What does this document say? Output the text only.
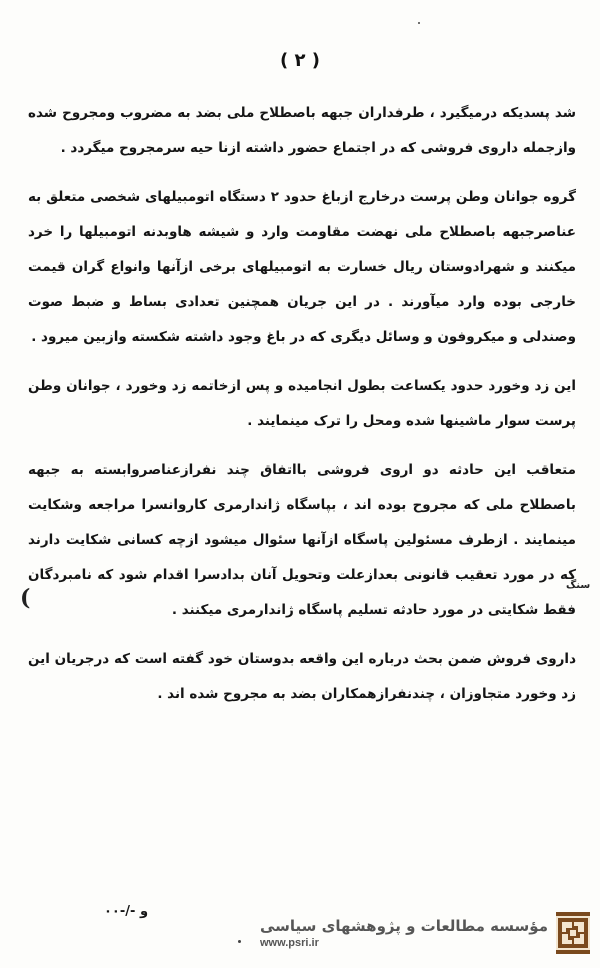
( ۲ )

شد پسدیکه درمیگیرد ، طرفداران جبهه باصطلاح ملی بضد به مضروب ومجروح شده وازجمله داروی فروشی که در اجتماع حضور داشته ازنا حیه سرمجروح میگردد .

گروه جوانان وطن پرست درخارج ازباغ حدود ۲ دستگاه اتومبیلهای شخصی متعلق به عناصرجبهه باصطلاح ملی نهضت مقاومت وارد و شیشه هاوبدنه اتومبیلها را خرد میکنند و شهرادوستان ریال خسارت به اتومبیلهای برخی ازآنها وانواع گران قیمت خارجی بوده وارد میآورند . در این جریان همچنین تعدادی بساط و ضبط صوت وصندلی و میکروفون و وسائل دیگری که در باغ وجود داشته شکسته وازبین میرود .

این زد وخورد حدود یکساعت بطول انجامیده و پس ازخاتمه زد وخورد ، جوانان وطن پرست سوار ماشینها شده ومحل را ترک مینمایند .

متعاقب این حادثه دو اروی فروشی بااتفاق چند نفرازعناصروابسته به جبهه باصطلاح ملی که مجروح بوده اند ، بپاسگاه ژاندارمری کاروانسرا مراجعه وشکایت مینمایند . ازطرف مسئولین پاسگاه ازآنها سئوال میشود ازچه کسانی شکایت دارند که در مورد تعقیب قانونی بعدازعلت وتحویل آنان بدادسرا اقدام شود که نامبردگان فقط شکایتی در مورد حادثه تسلیم پاسگاه ژاندارمری میکنند .

داروی فروش ضمن بحث درباره این واقعه بدوستان خود گفته است که درجریان این زد وخورد متجاوزان ، چندنفرازهمکاران بضد به مجروح شده اند .

سنگ
(
و -/-۰۰
مؤسسه مطالعات و پژوهشهای سیاسی
www.psri.ir
